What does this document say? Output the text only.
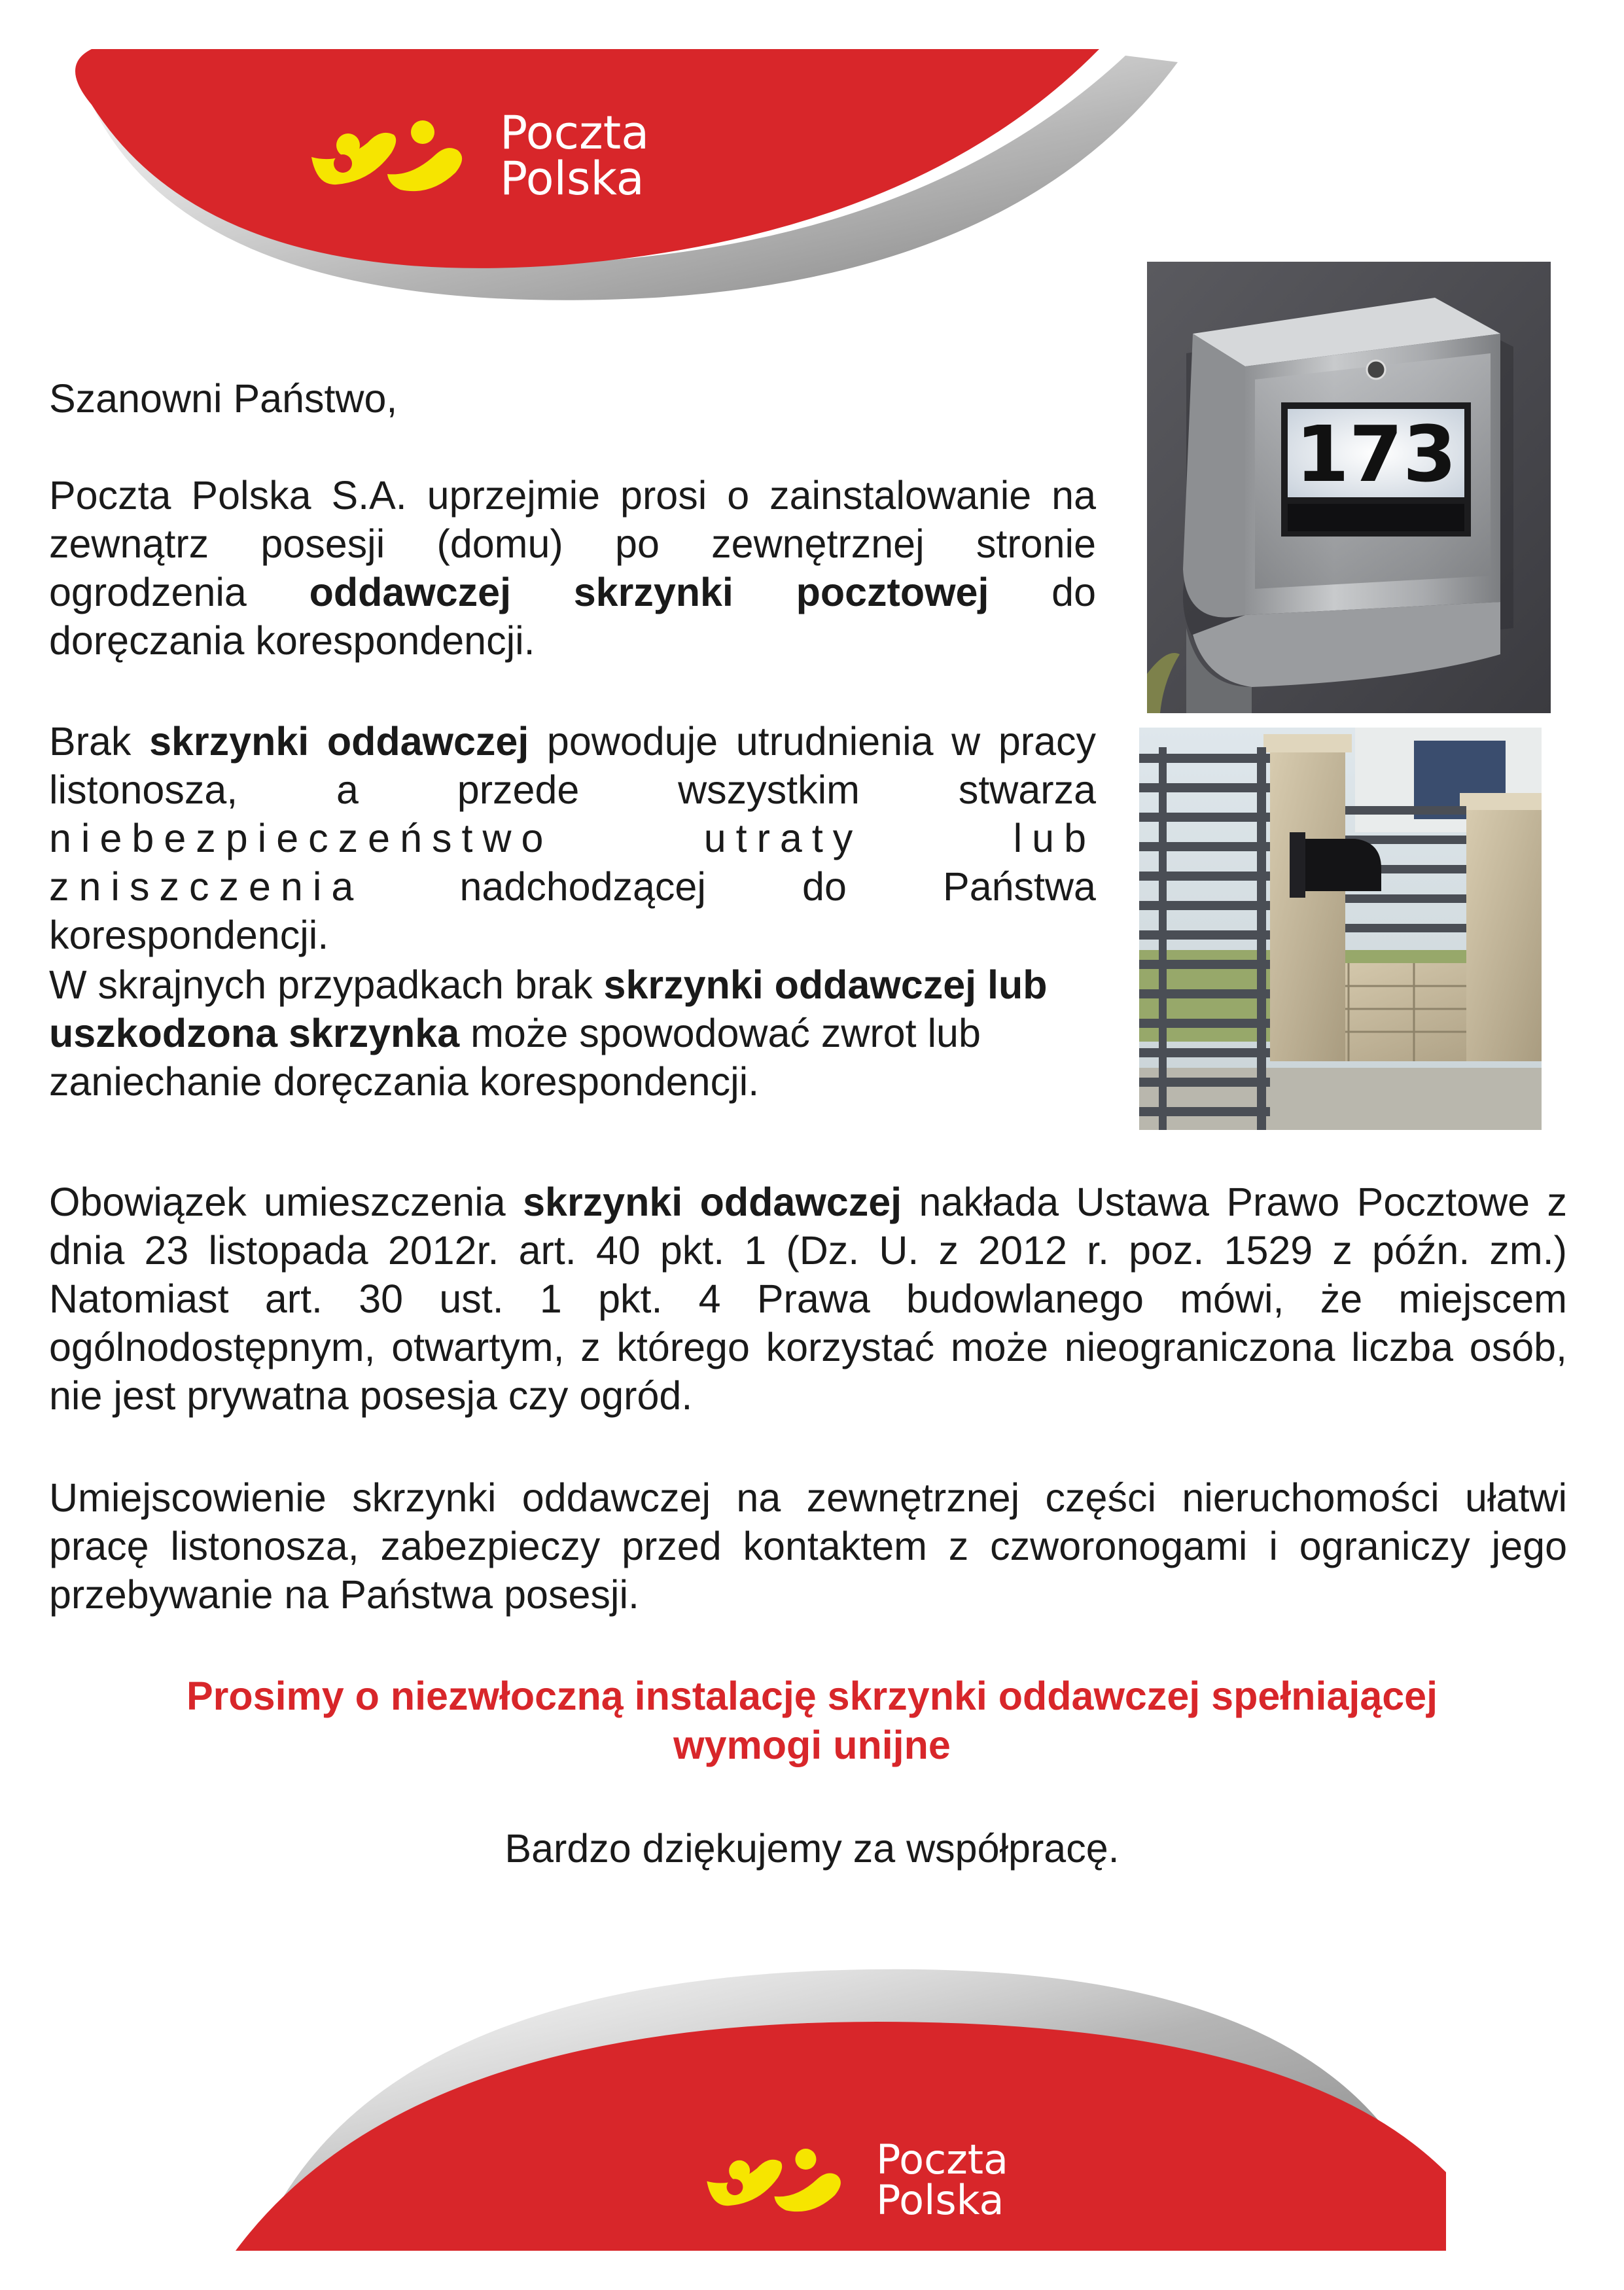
Poczta
Polska

Szanowni Państwo,

Poczta Polska S.A. uprzejmie prosi o zainstalowanie na zewnątrz posesji (domu) po zewnętrznej stronie ogrodzenia oddawczej skrzynki pocztowej do doręczania korespondencji.

Brak skrzynki oddawczej powoduje utrudnienia w pracy listonosza, a przede wszystkim stwarza niebezpieczeństwo utraty lub zniszczenia nadchodzącej do Państwa korespondencji.

W skrajnych przypadkach brak skrzynki oddawczej lub uszkodzona skrzynka może spowodować zwrot lub zaniechanie doręczania korespondencji.

Obowiązek umieszczenia skrzynki oddawczej nakłada Ustawa Prawo Pocztowe z dnia 23 listopada 2012r. art. 40 pkt. 1 (Dz. U. z 2012 r. poz. 1529 z późn. zm.) Natomiast art. 30 ust. 1 pkt. 4 Prawa budowlanego mówi, że miejscem ogólnodostępnym, otwartym, z którego korzystać może nieograniczona liczba osób, nie jest prywatna posesja czy ogród.

Umiejscowienie skrzynki oddawczej na zewnętrznej części nieruchomości ułatwi pracę listonosza, zabezpieczy przed kontaktem z czworonogami i ograniczy jego przebywanie na Państwa posesji.

Prosimy o niezwłoczną instalację skrzynki oddawczej spełniającej
wymogi unijne
Bardzo dziękujemy za współpracę.
173
Poczta
Polska
